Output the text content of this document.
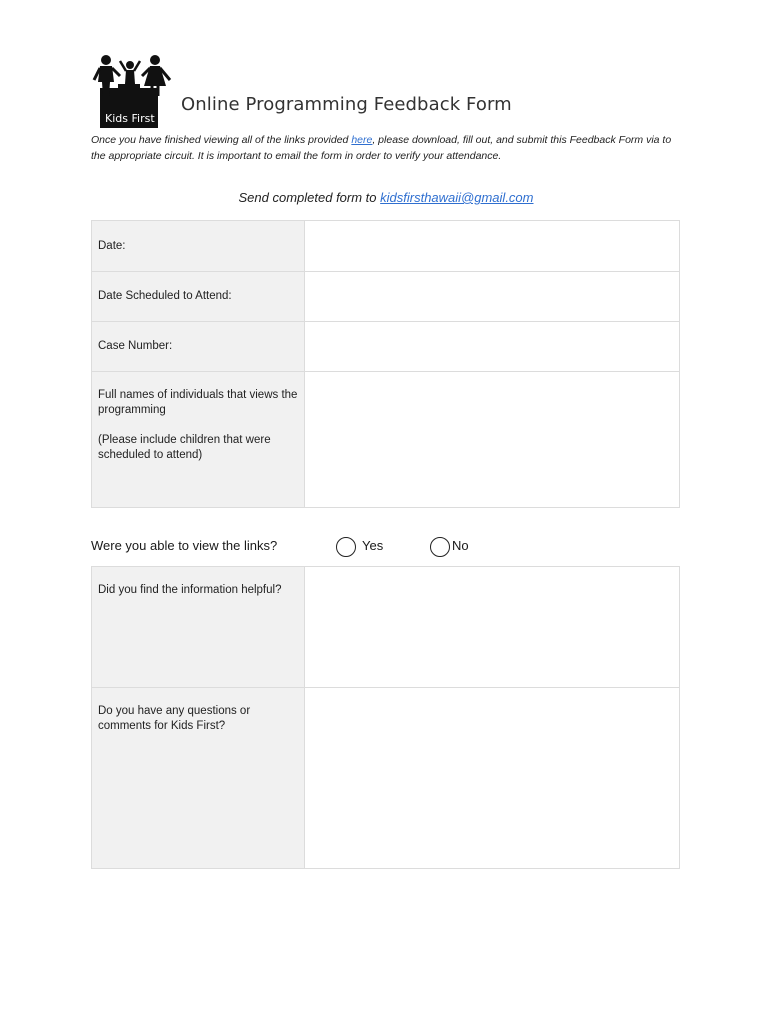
Kids First
Online Programming Feedback Form
Once you have finished viewing all of the links provided here, please download, fill out, and submit this Feedback Form via to the appropriate circuit. It is important to email the form in order to verify your attendance.
Send completed form to kidsfirsthawaii@gmail.com
Date:	
Date Scheduled to Attend:	
Case Number:	

Full names of individuals that views the programming
(Please include children that were scheduled to attend)	

Were you able to view the links?	Yes	No
Did you find the information helpful?	
Do you have any questions or comments for Kids First?	
